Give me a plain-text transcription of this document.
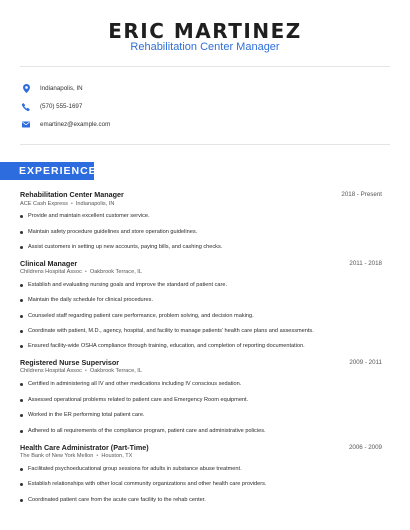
ERIC MARTINEZ
Rehabilitation Center Manager
Indianapolis, IN
(570) 555-1697
emartinez@example.com
EXPERIENCE
Rehabilitation Center Manager	2018 - Present
ACE Cash Express • Indianapolis, IN
Provide and maintain excellent customer service.
Maintain safety procedure guidelines and store operation guidelines.
Assist customers in setting up new accounts, paying bills, and cashing checks.
Clinical Manager	2011 - 2018
Childrens Hospital Assoc • Oakbrook Terrace, IL
Establish and evaluating nursing goals and improve the standard of patient care.
Maintain the daily schedule for clinical procedures.
Counseled staff regarding patient care performance, problem solving, and decision making.
Coordinate with patient, M.D., agency, hospital, and facility to manage patients' health care plans and assessments.
Ensured facility-wide OSHA compliance through training, education, and completion of reporting documentation.
Registered Nurse Supervisor	2009 - 2011
Childrens Hospital Assoc • Oakbrook Terrace, IL
Certified in administering all IV and other medications including IV conscious sedation.
Assessed operational problems related to patient care and Emergency Room equipment.
Worked in the ER performing total patient care.
Adhered to all requirements of the compliance program, patient care and administrative policies.
Health Care Administrator (Part-Time)	2006 - 2009
The Bank of New York Mellon • Houston, TX
Facilitated psychoeducational group sessions for adults in substance abuse treatment.
Establish relationships with other local community organizations and other health care providers.
Coordinated patient care from the acute care facility to the rehab center.
